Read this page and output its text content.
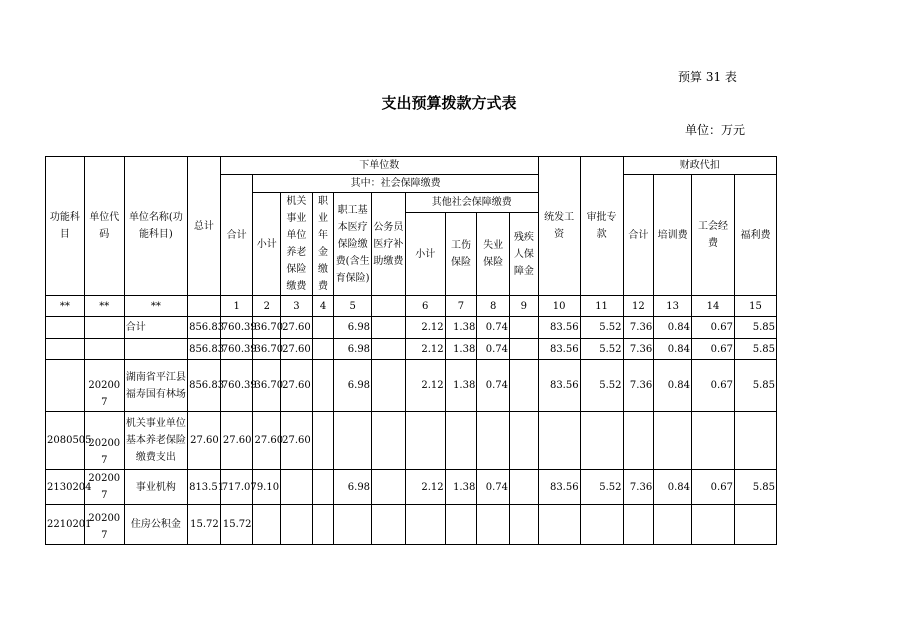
预算 31 表
支出预算拨款方式表
单位：万元
功能科目	单位代码	单位名称(功能科目)	总计	下单位数										统发工资	审批专款	财政代扣			
				合计	其中：社会保障缴费											合计	培训费	工会经费	福利费
					小计	机关事业单位养老保险缴费	职业年金缴费	职工基本医疗保险缴费(含生育保险)	公务员医疗补助缴费	其他社会保障缴费									
										小计	工伤保险	失业保险	残疾人保障金						

**	**	**		1	2	3	4	5		6	7	8	9	10	11	12	13	14	15
		合计	856.83	760.39	36.70	27.60		6.98		2.12	1.38	0.74		83.56	5.52	7.36	0.84	0.67	5.85
			856.83	760.39	36.70	27.60		6.98		2.12	1.38	0.74		83.56	5.52	7.36	0.84	0.67	5.85
	202007	湖南省平江县福寿国有林场	856.83	760.39	36.70	27.60		6.98		2.12	1.38	0.74		83.56	5.52	7.36	0.84	0.67	5.85
2080505	202007	机关事业单位基本养老保险缴费支出	27.60	27.60	27.60	27.60													
2130204	202007	事业机构	813.51	717.07	9.10			6.98		2.12	1.38	0.74		83.56	5.52	7.36	0.84	0.67	5.85
2210201	202007	住房公积金	15.72	15.72															
